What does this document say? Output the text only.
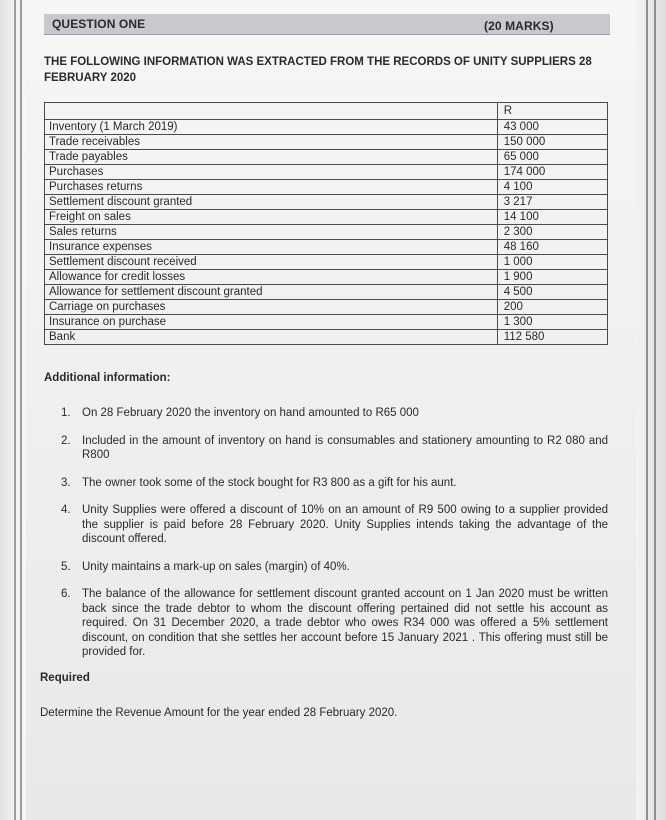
QUESTION ONE	(20 MARKS)
THE FOLLOWING INFORMATION WAS EXTRACTED FROM THE RECORDS OF UNITY SUPPLIERS 28 FEBRUARY 2020
	R
Inventory (1 March 2019)	43 000
Trade receivables	150 000
Trade payables	65 000
Purchases	174 000
Purchases returns	4 100
Settlement discount granted	3 217
Freight on sales	14 100
Sales returns	2 300
Insurance expenses	48 160
Settlement discount received	1 000
Allowance for credit losses	1 900
Allowance for settlement discount granted	4 500
Carriage on purchases	200
Insurance on purchase	1 300
Bank	112 580
Additional information:
1. On 28 February 2020 the inventory on hand amounted to R65 000
2. Included in the amount of inventory on hand is consumables and stationery amounting to R2 080 and R800
3. The owner took some of the stock bought for R3 800 as a gift for his aunt.
4. Unity Supplies were offered a discount of 10% on an amount of R9 500 owing to a supplier provided the supplier is paid before 28 February 2020. Unity Supplies intends taking the advantage of the discount offered.
5. Unity maintains a mark-up on sales (margin) of 40%.
6. The balance of the allowance for settlement discount granted account on 1 Jan 2020 must be written back since the trade debtor to whom the discount offering pertained did not settle his account as required. On 31 December 2020, a trade debtor who owes R34 000 was offered a 5% settlement discount, on condition that she settles her account before 15 January 2021 . This offering must still be provided for.
Required
Determine the Revenue Amount for the year ended 28 February 2020.
